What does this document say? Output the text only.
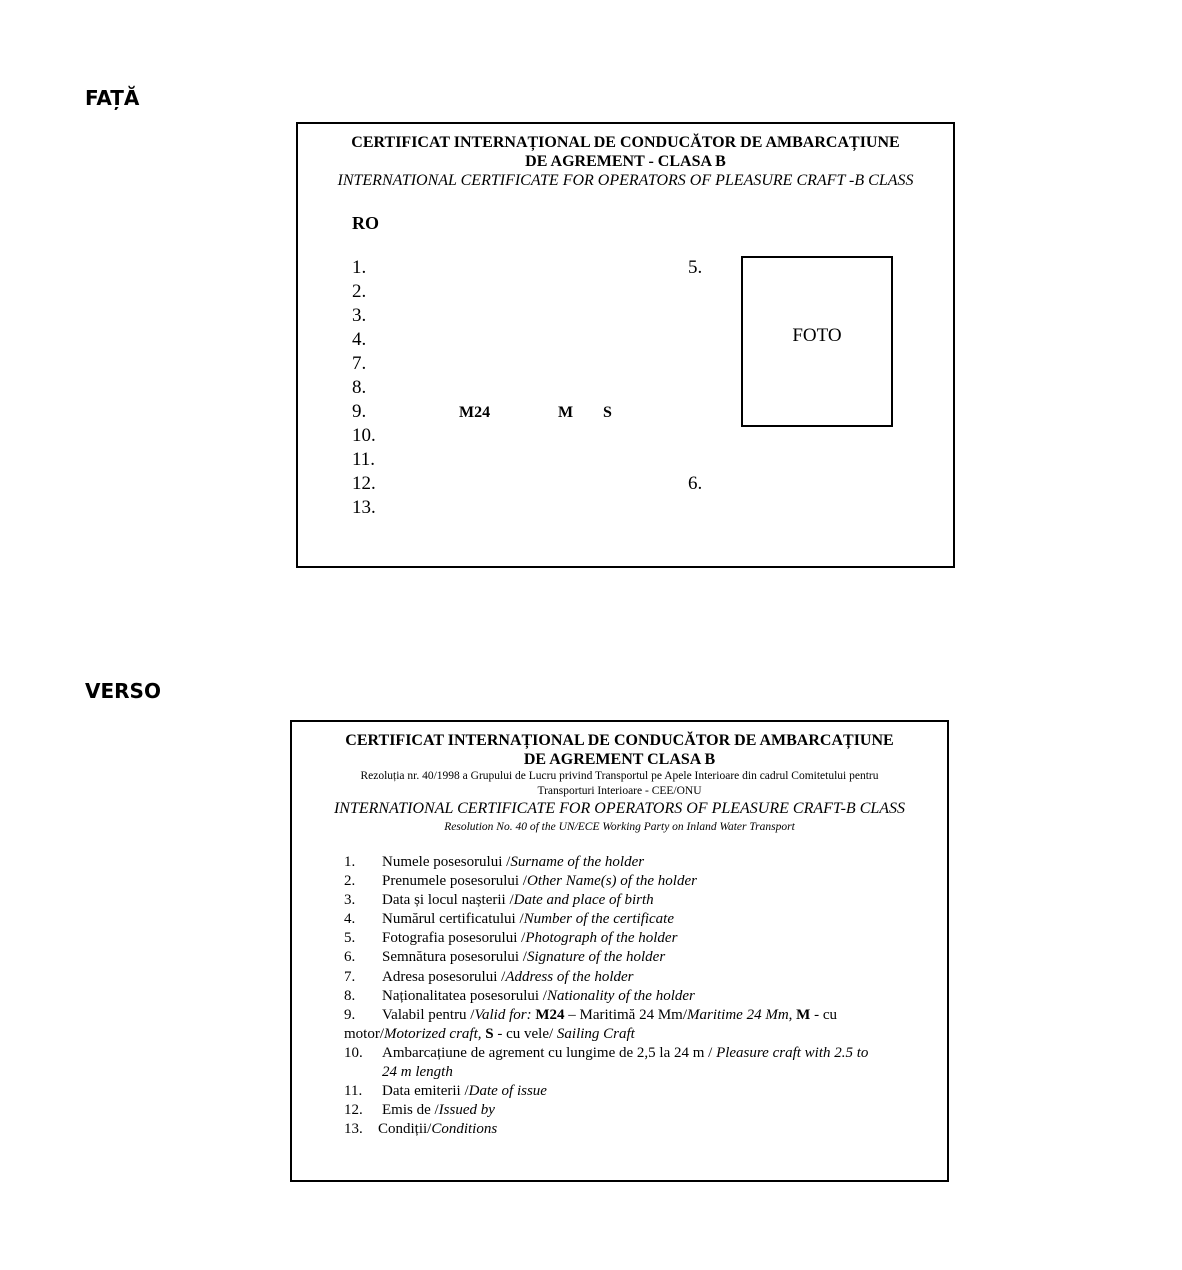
FAȚĂ
CERTIFICAT INTERNAȚIONAL DE CONDUCĂTOR DE AMBARCAȚIUNE
DE AGREMENT - CLASA B
INTERNATIONAL CERTIFICATE FOR OPERATORS OF PLEASURE CRAFT -B CLASS
RO
1.
2.
3.
4.
7.
8.
9.
10.
11.
12.
13.
M24	M S
5.
6.
FOTO
VERSO
CERTIFICAT INTERNAȚIONAL DE CONDUCĂTOR DE AMBARCAȚIUNE
DE AGREMENT CLASA B
Rezoluția nr. 40/1998 a Grupului de Lucru privind Transportul pe Apele Interioare din cadrul Comitetului pentru
Transporturi Interioare - CEE/ONU
INTERNATIONAL CERTIFICATE FOR OPERATORS OF PLEASURE CRAFT-B CLASS
Resolution No. 40 of the UN/ECE Working Party on Inland Water Transport
1. Numele posesorului /Surname of the holder
2. Prenumele posesorului /Other Name(s) of the holder
3. Data și locul nașterii /Date and place of birth
4. Numărul certificatului /Number of the certificate
5. Fotografia posesorului /Photograph of the holder
6. Semnătura posesorului /Signature of the holder
7. Adresa posesorului /Address of the holder
8. Naționalitatea posesorului /Nationality of the holder
9. Valabil pentru /Valid for: M24 – Maritimă 24 Mm/Maritime 24 Mm, M - cu
motor/Motorized craft, S - cu vele/ Sailing Craft
10. Ambarcațiune de agrement cu lungime de 2,5 la 24 m / Pleasure craft with 2.5 to
24 m length
11. Data emiterii /Date of issue
12. Emis de /Issued by
13. Condiții/Conditions
